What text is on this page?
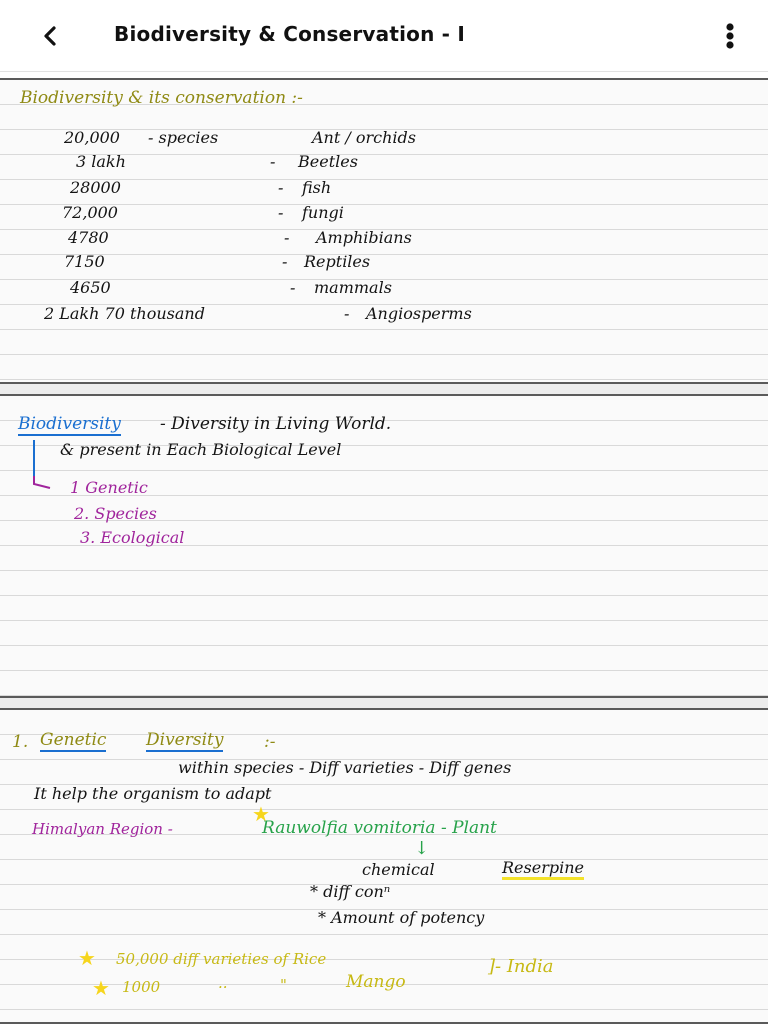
Biodiversity & Conservation - I
Biodiversity & its conservation :-
20,000 - species	Ant / orchids
3 lakh	- Beetles
28000	- fish
72,000	- fungi
4780	- Amphibians
7150	- Reptiles
4650	- mammals
2 Lakh 70 thousand	- Angiosperms
Biodiversity - Diversity in Living World.
& present in Each Biological Level
1 Genetic
2. Species
3. Ecological
1. Genetic Diversity :-
within species - Diff varieties - Diff genes
It help the organism to adapt
Himalyan Region -	Rauwolfia vomitoria - Plant
↓
chemical	Reserpine
* diff conⁿ
* Amount of potency
★
★ 50,000 diff varieties of Rice
★ 1000	..	"	Mango
]- India
